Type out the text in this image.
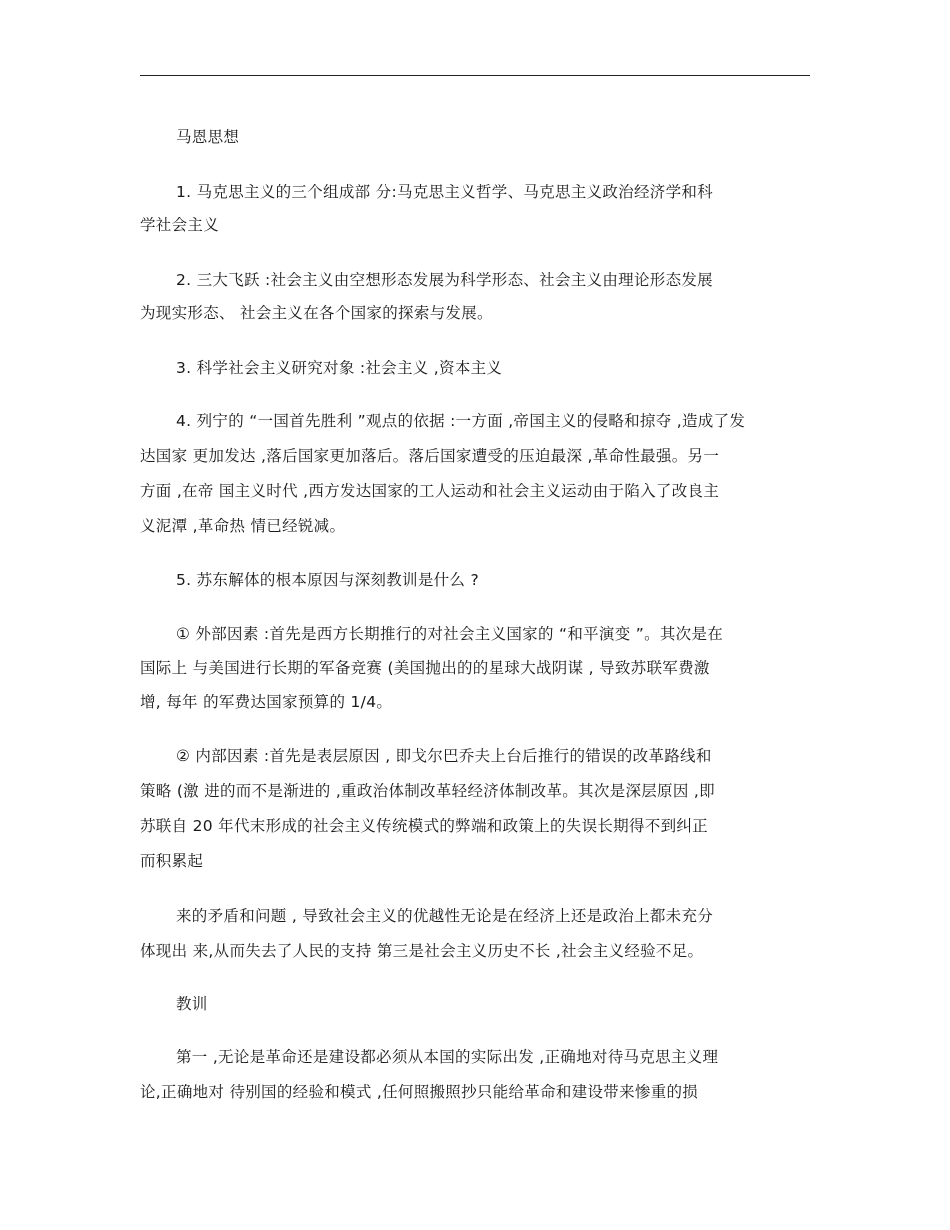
马恩思想
1. 马克思主义的三个组成部 分:马克思主义哲学、马克思主义政治经济学和科
学社会主义
2. 三大飞跃 :社会主义由空想形态发展为科学形态、社会主义由理论形态发展
为现实形态、 社会主义在各个国家的探索与发展。
3. 科学社会主义研究对象 :社会主义 ,资本主义
4. 列宁的 “一国首先胜利 ”观点的依据 :一方面 ,帝国主义的侵略和掠夺 ,造成了发
达国家 更加发达 ,落后国家更加落后。落后国家遭受的压迫最深 ,革命性最强。另一
方面 ,在帝 国主义时代 ,西方发达国家的工人运动和社会主义运动由于陷入了改良主
义泥潭 ,革命热 情已经锐减。
5. 苏东解体的根本原因与深刻教训是什么 ?
① 外部因素 :首先是西方长期推行的对社会主义国家的 “和平演变 ”。其次是在
国际上 与美国进行长期的军备竞赛 (美国抛出的的星球大战阴谋 , 导致苏联军费激
增, 每年 的军费达国家预算的 1/4。
② 内部因素 :首先是表层原因 , 即戈尔巴乔夫上台后推行的错误的改革路线和
策略 (激 进的而不是渐进的 ,重政治体制改革轻经济体制改革。其次是深层原因 ,即
苏联自 20 年代末形成的社会主义传统模式的弊端和政策上的失误长期得不到纠正
而积累起
来的矛盾和问题 , 导致社会主义的优越性无论是在经济上还是政治上都未充分
体现出 来,从而失去了人民的支持 第三是社会主义历史不长 ,社会主义经验不足。
教训
第一 ,无论是革命还是建设都必须从本国的实际出发 ,正确地对待马克思主义理
论,正确地对 待别国的经验和模式 ,任何照搬照抄只能给革命和建设带来惨重的损
